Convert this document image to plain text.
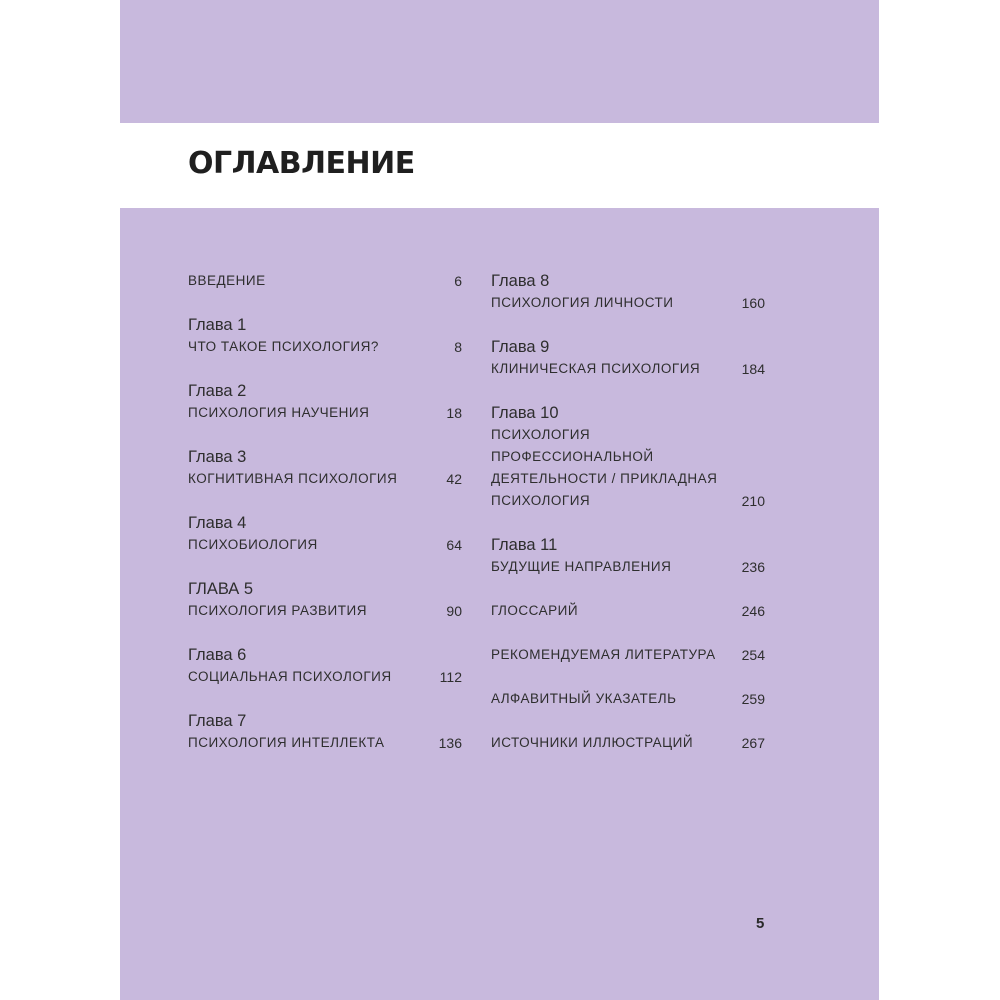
ОГЛАВЛЕНИЕ
ВВЕДЕНИЕ	6
Глава 1
ЧТО ТАКОЕ ПСИХОЛОГИЯ?	8
Глава 2
ПСИХОЛОГИЯ НАУЧЕНИЯ	18
Глава 3
КОГНИТИВНАЯ ПСИХОЛОГИЯ	42
Глава 4
ПСИХОБИОЛОГИЯ	64
ГЛАВА 5
ПСИХОЛОГИЯ РАЗВИТИЯ	90
Глава 6
СОЦИАЛЬНАЯ ПСИХОЛОГИЯ	112
Глава 7
ПСИХОЛОГИЯ ИНТЕЛЛЕКТА	136
Глава 8
ПСИХОЛОГИЯ ЛИЧНОСТИ	160
Глава 9
КЛИНИЧЕСКАЯ ПСИХОЛОГИЯ	184
Глава 10
ПСИХОЛОГИЯ ПРОФЕССИОНАЛЬНОЙ
ДЕЯТЕЛЬНОСТИ / ПРИКЛАДНАЯ
ПСИХОЛОГИЯ	210
Глава 11
БУДУЩИЕ НАПРАВЛЕНИЯ	236
ГЛОССАРИЙ	246
РЕКОМЕНДУЕМАЯ ЛИТЕРАТУРА	254
АЛФАВИТНЫЙ УКАЗАТЕЛЬ	259
ИСТОЧНИКИ ИЛЛЮСТРАЦИЙ	267
5
